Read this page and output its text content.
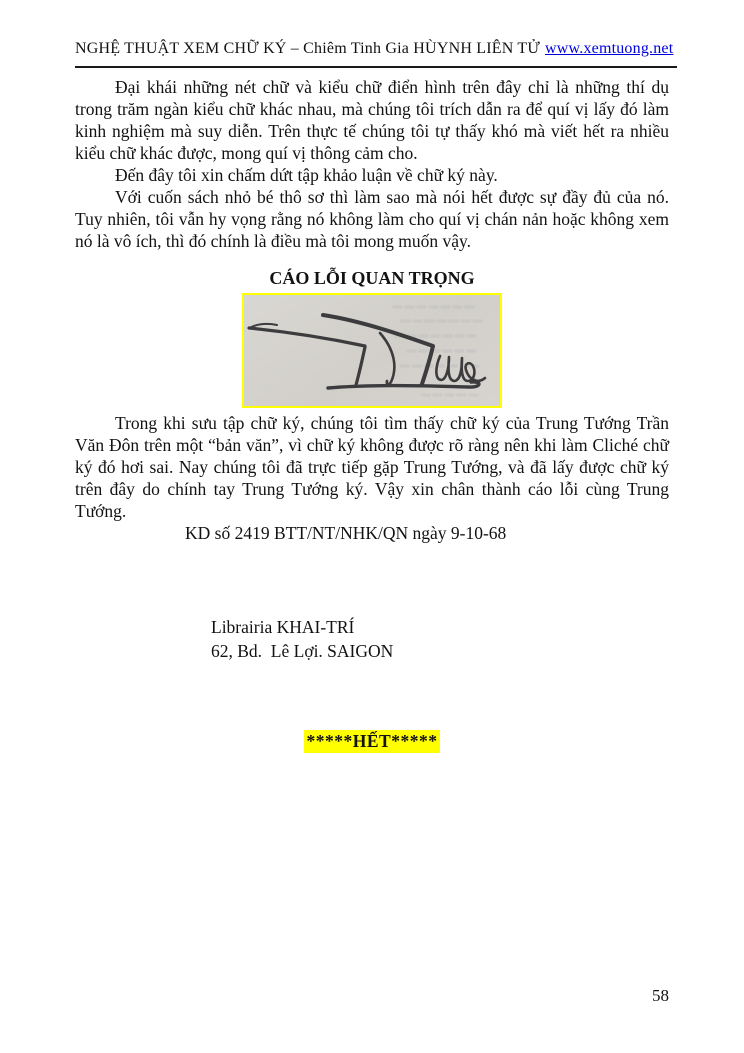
NGHỆ THUẬT XEM CHỮ KÝ – Chiêm Tinh Gia HÙYNH LIÊN TỬ www.xemtuong.net

Đại khái những nét chữ và kiểu chữ điển hình trên đây chỉ là những thí dụ trong trăm ngàn kiểu chữ khác nhau, mà chúng tôi trích dẫn ra để quí vị lấy đó làm kinh nghiệm mà suy diễn. Trên thực tế chúng tôi tự thấy khó mà viết hết ra nhiều kiểu chữ khác được, mong quí vị thông cảm cho.

Đến đây tôi xin chấm dứt tập khảo luận về chữ ký này.

Với cuốn sách nhỏ bé thô sơ thì làm sao mà nói hết được sự đầy đủ của nó. Tuy nhiên, tôi vẫn hy vọng rằng nó không làm cho quí vị chán nản hoặc không xem nó là vô ích, thì đó chính là điều mà tôi mong muốn vậy.

CÁO LỖI QUAN TRỌNG

Trong khi sưu tập chữ ký, chúng tôi tìm thấy chữ ký của Trung Tướng Trần Văn Đôn trên một “bản văn”, vì chữ ký không được rõ ràng nên khi làm Cliché chữ ký đó hơi sai. Nay chúng tôi đã trực tiếp gặp Trung Tướng, và đã lấy được chữ ký trên đây do chính tay Trung Tướng ký. Vậy xin chân thành cáo lỗi cùng Trung Tướng.

KD số 2419 BTT/NT/NHK/QN ngày 9-10-68

Librairia KHAI-TRÍ
62, Bd.  Lê Lợi. SAIGON
*****HẾT*****
58
